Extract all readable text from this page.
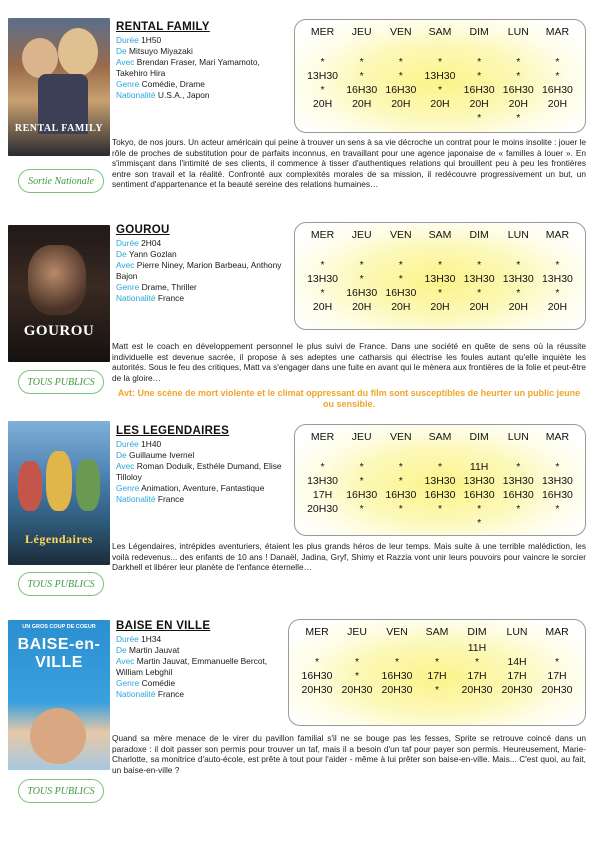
RENTAL FAMILY
Sortie Nationale
RENTAL FAMILY
Durée 1H50
De Mitsuyo Miyazaki
Avec Brendan Fraser, Mari Yamamoto, Takehiro Hira
Genre Comédie, Drame
Nationalité U.S.A., Japon
MER

*
13H30
*
20H

JEU

*
*
16H30
20H

VEN

*
*
16H30
20H

SAM

*
13H30
*
20H

DIM

*
*
16H30
20H
*
LUN

*
*
16H30
20H
*
MAR

*
*
16H30
20H

Tokyo, de nos jours. Un acteur américain qui peine à trouver un sens à sa vie décroche un contrat pour le moins insolite : jouer le rôle de proches de substitution pour de parfaits inconnus, en travaillant pour une agence japonaise de « familles à louer ». En s'immisçant dans l'intimité de ses clients, il commence à tisser d'authentiques relations qui brouillent peu à peu les frontières entre son travail et la réalité. Confronté aux complexités morales de sa mission, il redécouvre progressivement un but, un sentiment d'appartenance et la beauté sereine des relations humaines…
GOUROU
TOUS PUBLICS
GOUROU
Durée 2H04
De Yann Gozlan
Avec Pierre Niney, Marion Barbeau, Anthony Bajon
Genre Drame, Thriller
Nationalité France
MER

*
13H30
*
20H

JEU

*
*
16H30
20H

VEN

*
*
16H30
20H

SAM

*
13H30
*
20H

DIM

*
13H30
*
20H

LUN

*
13H30
*
20H

MAR

*
13H30
*
20H

Matt est le coach en développement personnel le plus suivi de France. Dans une société en quête de sens où la réussite individuelle est devenue sacrée, il propose à ses adeptes une catharsis qui électrise les foules autant qu'elle inquiète les autorités. Sous le feu des critiques, Matt va s'engager dans une fuite en avant qui le mènera aux frontières de la folie et peut-être de la gloire…
Avt: Une scène de mort violente et le climat oppressant du film sont susceptibles de heurter un public jeune ou sensible.
Légendaires
TOUS PUBLICS
LES LEGENDAIRES
Durée 1H40
De Guillaume Ivernel
Avec Roman Doduik, Esthéle Dumand, Elise Tilloloy
Genre Animation, Aventure, Fantastique
Nationalité France
MER

*
13H30
17H
20H30

JEU

*
*
16H30
*

VEN

*
*
16H30
*

SAM

*
13H30
16H30
*

DIM

11H
13H30
16H30
*
*
LUN

*
13H30
16H30
*

MAR

*
13H30
16H30
*

Les Légendaires, intrépides aventuriers, étaient les plus grands héros de leur temps. Mais suite à une terrible malédiction, les voilà redevenus... des enfants de 10 ans ! Danaël, Jadina, Gryf, Shimy et Razzia vont unir leurs pouvoirs pour vaincre le sorcier Darkhell et libérer leur planète de l'enfance éternelle…
UN GROS COUP DE COEUR
BAISE-en-VILLE
TOUS PUBLICS
BAISE EN VILLE
Durée 1H34
De Martin Jauvat
Avec Martin Jauvat, Emmanuelle Bercot, William Lebghil
Genre Comédie
Nationalité France
MER

*
16H30
20H30

JEU

*
*
20H30

VEN

*
16H30
20H30

SAM

*
17H
*

DIM
11H
*
17H
20H30

LUN

14H
17H
20H30

MAR

*
17H
20H30

Quand sa mère menace de le virer du pavillon familial s'il ne se bouge pas les fesses, Sprite se retrouve coincé dans un paradoxe : il doit passer son permis pour trouver un taf, mais il a besoin d'un taf pour payer son permis. Heureusement, Marie-Charlotte, sa monitrice d'auto-école, est prête à tout pour l'aider - même à lui prêter son baise-en-ville. Mais... C'est quoi, au fait, un baise-en-ville ?
